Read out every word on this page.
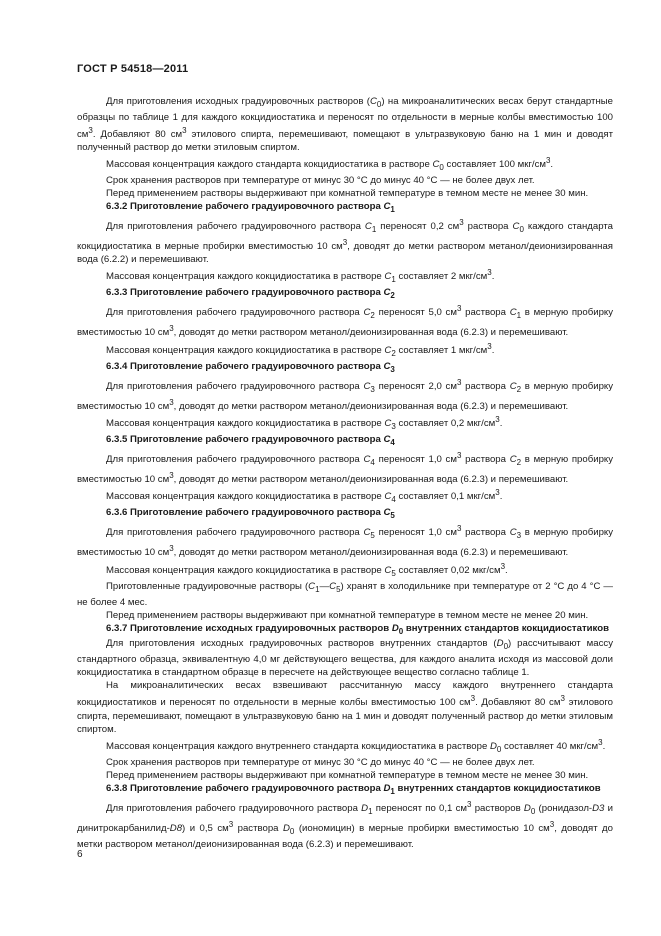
ГОСТ Р 54518—2011

Для приготовления исходных градуировочных растворов $(C_0)$ на микроаналитических весах берут стандартные образцы по таблице 1 для каждого кокцидиостатика и переносят по отдельности в мерные колбы вместимостью 100 $см^3$. Добавляют 80 $см^3$ этилового спирта, перемешивают, помещают в ультразвуковую баню на 1 мин и доводят полученный раствор до метки этиловым спиртом.

Массовая концентрация каждого стандарта кокцидиостатика в растворе $C_0$ составляет 100 мкг/$см^3$.

Срок хранения растворов при температуре от минус 30 °С до минус 40 °С — не более двух лет.

Перед применением растворы выдерживают при комнатной температуре в темном месте не менее 30 мин.

6.3.2 Приготовление рабочего градуировочного раствора $C_1$

Для приготовления рабочего градуировочного раствора $C_1$ переносят 0,2 $см^3$ раствора $C_0$ каждого стандарта кокцидиостатика в мерные пробирки вместимостью 10 $см^3$, доводят до метки раствором метанол/деионизированная вода (6.2.2) и перемешивают.

Массовая концентрация каждого кокцидиостатика в растворе $C_1$ составляет 2 мкг/$см^3$.

6.3.3 Приготовление рабочего градуировочного раствора $C_2$

Для приготовления рабочего градуировочного раствора $C_2$ переносят 5,0 $см^3$ раствора $C_1$ в мерную пробирку вместимостью 10 $см^3$, доводят до метки раствором метанол/деионизированная вода (6.2.3) и перемешивают.

Массовая концентрация каждого кокцидиостатика в растворе $C_2$ составляет 1 мкг/$см^3$.

6.3.4 Приготовление рабочего градуировочного раствора $C_3$

Для приготовления рабочего градуировочного раствора $C_3$ переносят 2,0 $см^3$ раствора $C_2$ в мерную пробирку вместимостью 10 $см^3$, доводят до метки раствором метанол/деионизированная вода (6.2.3) и перемешивают.

Массовая концентрация каждого кокцидиостатика в растворе $C_3$ составляет 0,2 мкг/$см^3$.

6.3.5 Приготовление рабочего градуировочного раствора $C_4$

Для приготовления рабочего градуировочного раствора $C_4$ переносят 1,0 $см^3$ раствора $C_2$ в мерную пробирку вместимостью 10 $см^3$, доводят до метки раствором метанол/деионизированная вода (6.2.3) и перемешивают.

Массовая концентрация каждого кокцидиостатика в растворе $C_4$ составляет 0,1 мкг/$см^3$.

6.3.6 Приготовление рабочего градуировочного раствора $C_5$

Для приготовления рабочего градуировочного раствора $C_5$ переносят 1,0 $см^3$ раствора $C_3$ в мерную пробирку вместимостью 10 $см^3$, доводят до метки раствором метанол/деионизированная вода (6.2.3) и перемешивают.

Массовая концентрация каждого кокцидиостатика в растворе $C_5$ составляет 0,02 мкг/$см^3$.

Приготовленные градуировочные растворы $(C_1—C_5)$ хранят в холодильнике при температуре от 2 °С до 4 °С — не более 4 мес.

Перед применением растворы выдерживают при комнатной температуре в темном месте не менее 20 мин.

6.3.7 Приготовление исходных градуировочных растворов $D_0$ внутренних стандартов кокцидиостатиков

Для приготовления исходных градуировочных растворов внутренних стандартов $(D_0)$ рассчитывают массу стандартного образца, эквивалентную 4,0 мг действующего вещества, для каждого аналита исходя из массовой доли кокцидиостатика в стандартном образце в пересчете на действующее вещество согласно таблице 1.

На микроаналитических весах взвешивают рассчитанную массу каждого внутреннего стандарта кокцидиостатиков и переносят по отдельности в мерные колбы вместимостью 100 $см^3$. Добавляют 80 $см^3$ этилового спирта, перемешивают, помещают в ультразвуковую баню на 1 мин и доводят полученный раствор до метки этиловым спиртом.

Массовая концентрация каждого внутреннего стандарта кокцидиостатика в растворе $D_0$ составляет 40 мкг/$см^3$.

Срок хранения растворов при температуре от минус 30 °С до минус 40 °С — не более двух лет.

Перед применением растворы выдерживают при комнатной температуре в темном месте не менее 30 мин.

6.3.8 Приготовление рабочего градуировочного раствора $D_1$ внутренних стандартов кокцидиостатиков

Для приготовления рабочего градуировочного раствора $D_1$ переносят по 0,1 $см^3$ растворов $D_0$ (ронидазол-D3 и динитрокарбанилид-D8) и 0,5 $см^3$ раствора $D_0$ (иономицин) в мерные пробирки вместимостью 10 $см^3$, доводят до метки раствором метанол/деионизированная вода (6.2.3) и перемешивают.

6
